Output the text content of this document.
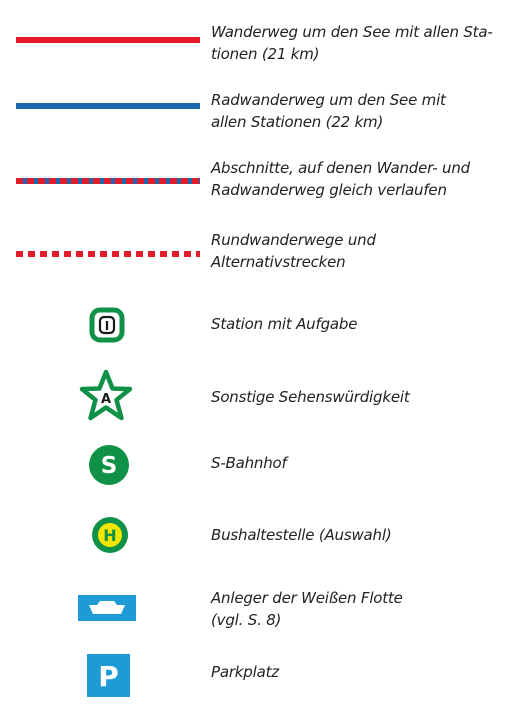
Wanderweg um den See mit allen Sta-
tionen (21 km)
Radwanderweg um den See mit
allen Stationen (22 km)
Abschnitte, auf denen Wander- und
Radwanderweg gleich verlaufen
Rundwanderwege und
Alternativstrecken
I	Station mit Aufgabe
A	Sonstige Sehenswürdigkeit
S	S-Bahnhof
H	Bushaltestelle (Auswahl)
Anleger der Weißen Flotte
(vgl. S. 8)
P	Parkplatz
